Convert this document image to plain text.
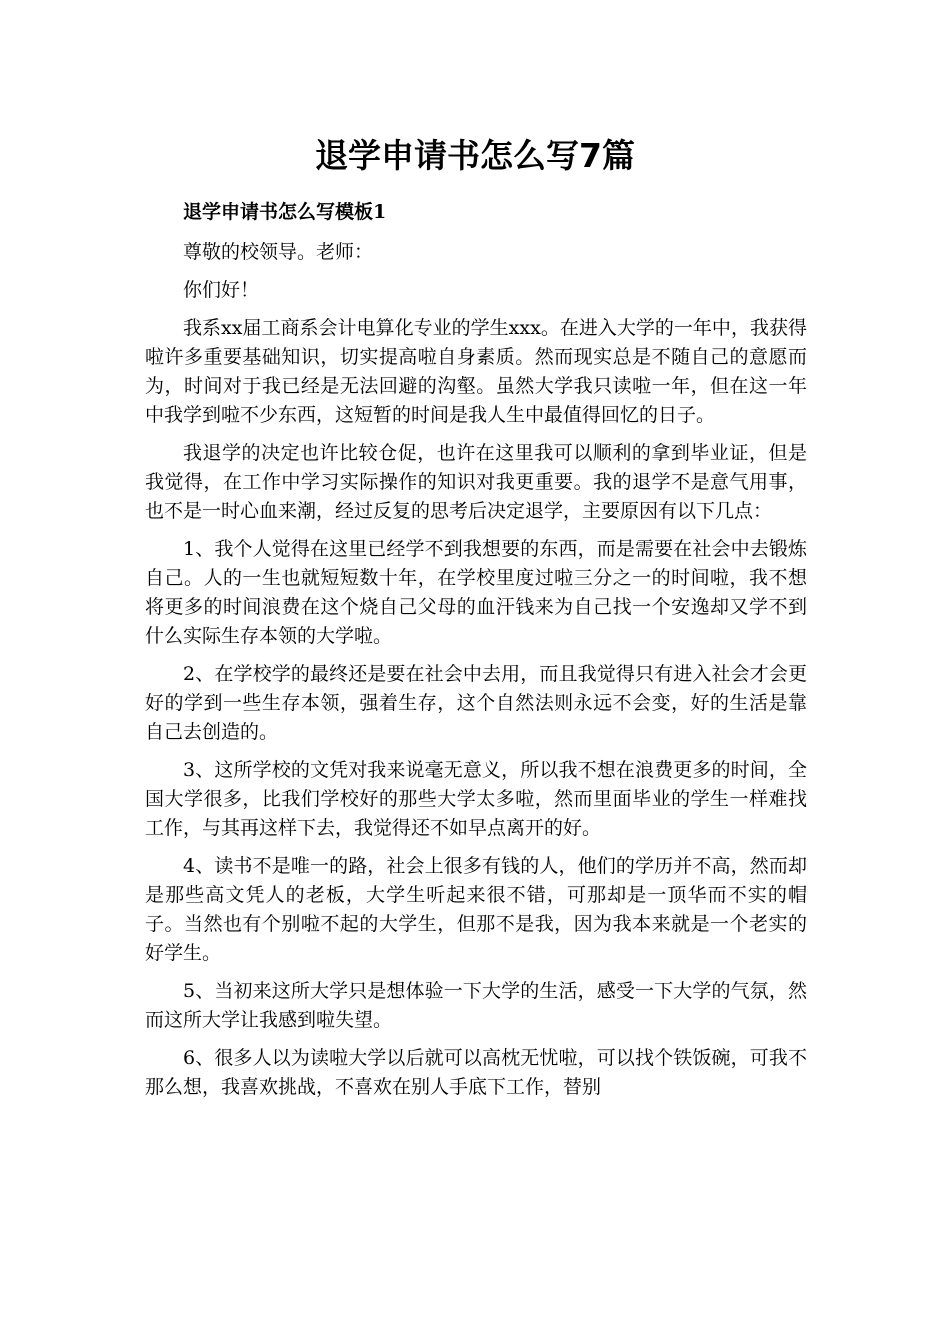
退学申请书怎么写7篇

退学申请书怎么写模板1

尊敬的校领导。老师：

你们好！

我系xx届工商系会计电算化专业的学生xxx。在进入大学的一年中，我获得啦许多重要基础知识，切实提高啦自身素质。然而现实总是不随自己的意愿而为，时间对于我已经是无法回避的沟壑。虽然大学我只读啦一年，但在这一年中我学到啦不少东西，这短暂的时间是我人生中最值得回忆的日子。

我退学的决定也许比较仓促，也许在这里我可以顺利的拿到毕业证，但是我觉得，在工作中学习实际操作的知识对我更重要。我的退学不是意气用事，也不是一时心血来潮，经过反复的思考后决定退学，主要原因有以下几点：

1、我个人觉得在这里已经学不到我想要的东西，而是需要在社会中去锻炼自己。人的一生也就短短数十年，在学校里度过啦三分之一的时间啦，我不想将更多的时间浪费在这个烧自己父母的血汗钱来为自己找一个安逸却又学不到什么实际生存本领的大学啦。

2、在学校学的最终还是要在社会中去用，而且我觉得只有进入社会才会更好的学到一些生存本领，强着生存，这个自然法则永远不会变，好的生活是靠自己去创造的。

3、这所学校的文凭对我来说毫无意义，所以我不想在浪费更多的时间，全国大学很多，比我们学校好的那些大学太多啦，然而里面毕业的学生一样难找工作，与其再这样下去，我觉得还不如早点离开的好。

4、读书不是唯一的路，社会上很多有钱的人，他们的学历并不高，然而却是那些高文凭人的老板，大学生听起来很不错，可那却是一顶华而不实的帽子。当然也有个别啦不起的大学生，但那不是我，因为我本来就是一个老实的好学生。

5、当初来这所大学只是想体验一下大学的生活，感受一下大学的气氛，然而这所大学让我感到啦失望。

6、很多人以为读啦大学以后就可以高枕无忧啦，可以找个铁饭碗，可我不那么想，我喜欢挑战，不喜欢在别人手底下工作，替别
